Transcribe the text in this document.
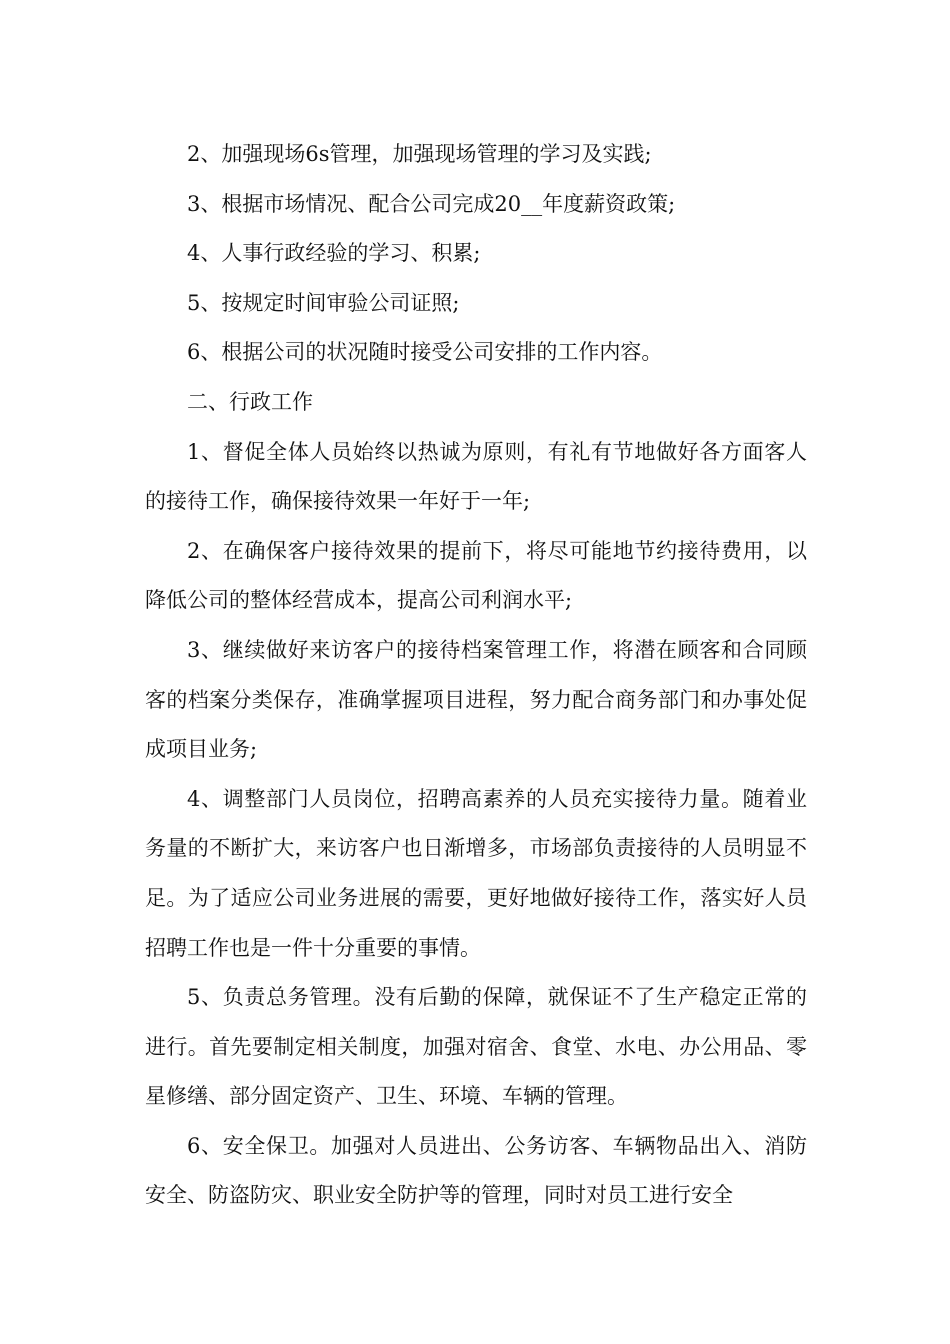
2、加强现场6s管理，加强现场管理的学习及实践;

3、根据市场情况、配合公司完成20__年度薪资政策;

4、人事行政经验的学习、积累;

5、按规定时间审验公司证照;

6、根据公司的状况随时接受公司安排的工作内容。

二、行政工作

1、督促全体人员始终以热诚为原则，有礼有节地做好各方面客人的接待工作，确保接待效果一年好于一年;

2、在确保客户接待效果的提前下，将尽可能地节约接待费用，以降低公司的整体经营成本，提高公司利润水平;

3、继续做好来访客户的接待档案管理工作，将潜在顾客和合同顾客的档案分类保存，准确掌握项目进程，努力配合商务部门和办事处促成项目业务;

4、调整部门人员岗位，招聘高素养的人员充实接待力量。随着业务量的不断扩大，来访客户也日渐增多，市场部负责接待的人员明显不足。为了适应公司业务进展的需要，更好地做好接待工作，落实好人员招聘工作也是一件十分重要的事情。

5、负责总务管理。没有后勤的保障，就保证不了生产稳定正常的进行。首先要制定相关制度，加强对宿舍、食堂、水电、办公用品、零星修缮、部分固定资产、卫生、环境、车辆的管理。

6、安全保卫。加强对人员进出、公务访客、车辆物品出入、消防安全、防盗防灾、职业安全防护等的管理，同时对员工进行安全
